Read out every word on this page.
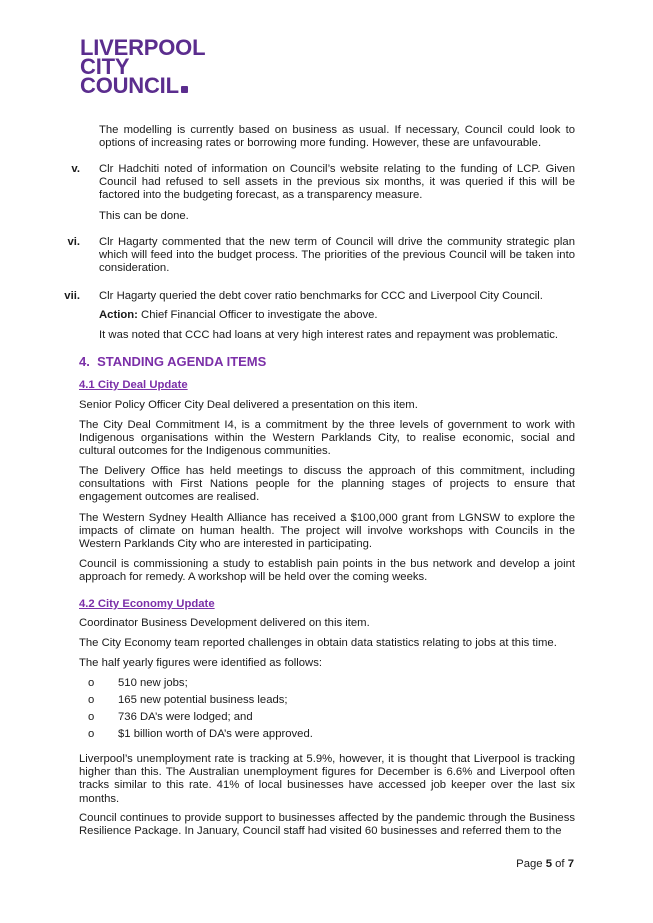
LIVERPOOL
CITY
COUNCIL

The modelling is currently based on business as usual. If necessary, Council could look to options of increasing rates or borrowing more funding. However, these are unfavourable.

v. Clr Hadchiti noted of information on Council’s website relating to the funding of LCP. Given Council had refused to sell assets in the previous six months, it was queried if this will be factored into the budgeting forecast, as a transparency measure.

This can be done.

vi. Clr Hagarty commented that the new term of Council will drive the community strategic plan which will feed into the budget process. The priorities of the previous Council will be taken into consideration.

vii. Clr Hagarty queried the debt cover ratio benchmarks for CCC and Liverpool City Council.

Action: Chief Financial Officer to investigate the above.

It was noted that CCC had loans at very high interest rates and repayment was problematic.

4.  STANDING AGENDA ITEMS
4.1 City Deal Update

Senior Policy Officer City Deal delivered a presentation on this item.

The City Deal Commitment I4, is a commitment by the three levels of government to work with Indigenous organisations within the Western Parklands City, to realise economic, social and cultural outcomes for the Indigenous communities.

The Delivery Office has held meetings to discuss the approach of this commitment, including consultations with First Nations people for the planning stages of projects to ensure that engagement outcomes are realised.

The Western Sydney Health Alliance has received a $100,000 grant from LGNSW to explore the impacts of climate on human health. The project will involve workshops with Councils in the Western Parklands City who are interested in participating.

Council is commissioning a study to establish pain points in the bus network and develop a joint approach for remedy. A workshop will be held over the coming weeks.

4.2 City Economy Update

Coordinator Business Development delivered on this item.

The City Economy team reported challenges in obtain data statistics relating to jobs at this time.

The half yearly figures were identified as follows:

o 510 new jobs;
o 165 new potential business leads;
o 736 DA’s were lodged; and
o $1 billion worth of DA’s were approved.

Liverpool’s unemployment rate is tracking at 5.9%, however, it is thought that Liverpool is tracking higher than this. The Australian unemployment figures for December is 6.6% and Liverpool often tracks similar to this rate. 41% of local businesses have accessed job keeper over the last six months.

Council continues to provide support to businesses affected by the pandemic through the Business Resilience Package. In January, Council staff had visited 60 businesses and referred them to the

Page 5 of 7
